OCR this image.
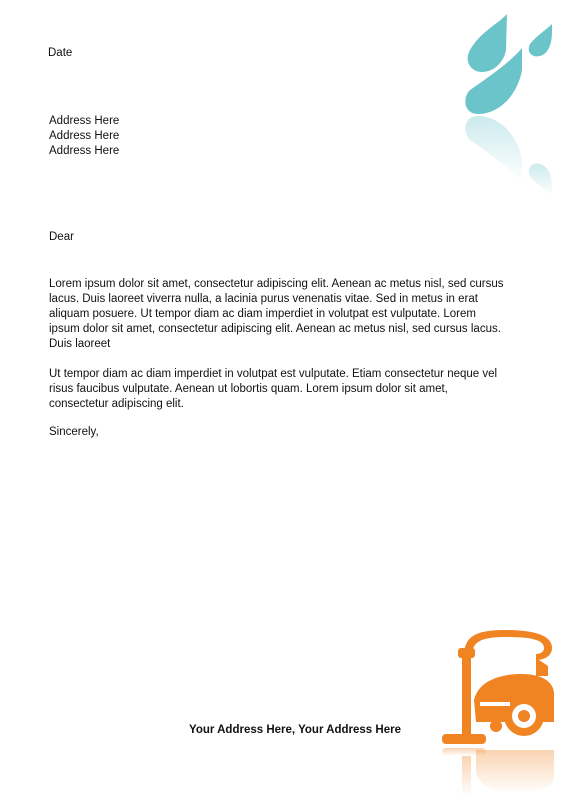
Date
Address Here
Address Here
Address Here
Dear

Lorem ipsum dolor sit amet, consectetur adipiscing elit. Aenean ac metus nisl, sed cursus lacus. Duis laoreet viverra nulla, a lacinia purus venenatis vitae. Sed in metus in erat aliquam posuere. Ut tempor diam ac diam imperdiet in volutpat est vulputate. Lorem ipsum dolor sit amet, consectetur adipiscing elit. Aenean ac metus nisl, sed cursus lacus. Duis laoreet

Ut tempor diam ac diam imperdiet in volutpat est vulputate. Etiam consectetur neque vel risus faucibus vulputate. Aenean ut lobortis quam. Lorem ipsum dolor sit amet, consectetur adipiscing elit.

Sincerely,
Your Address Here, Your Address Here
